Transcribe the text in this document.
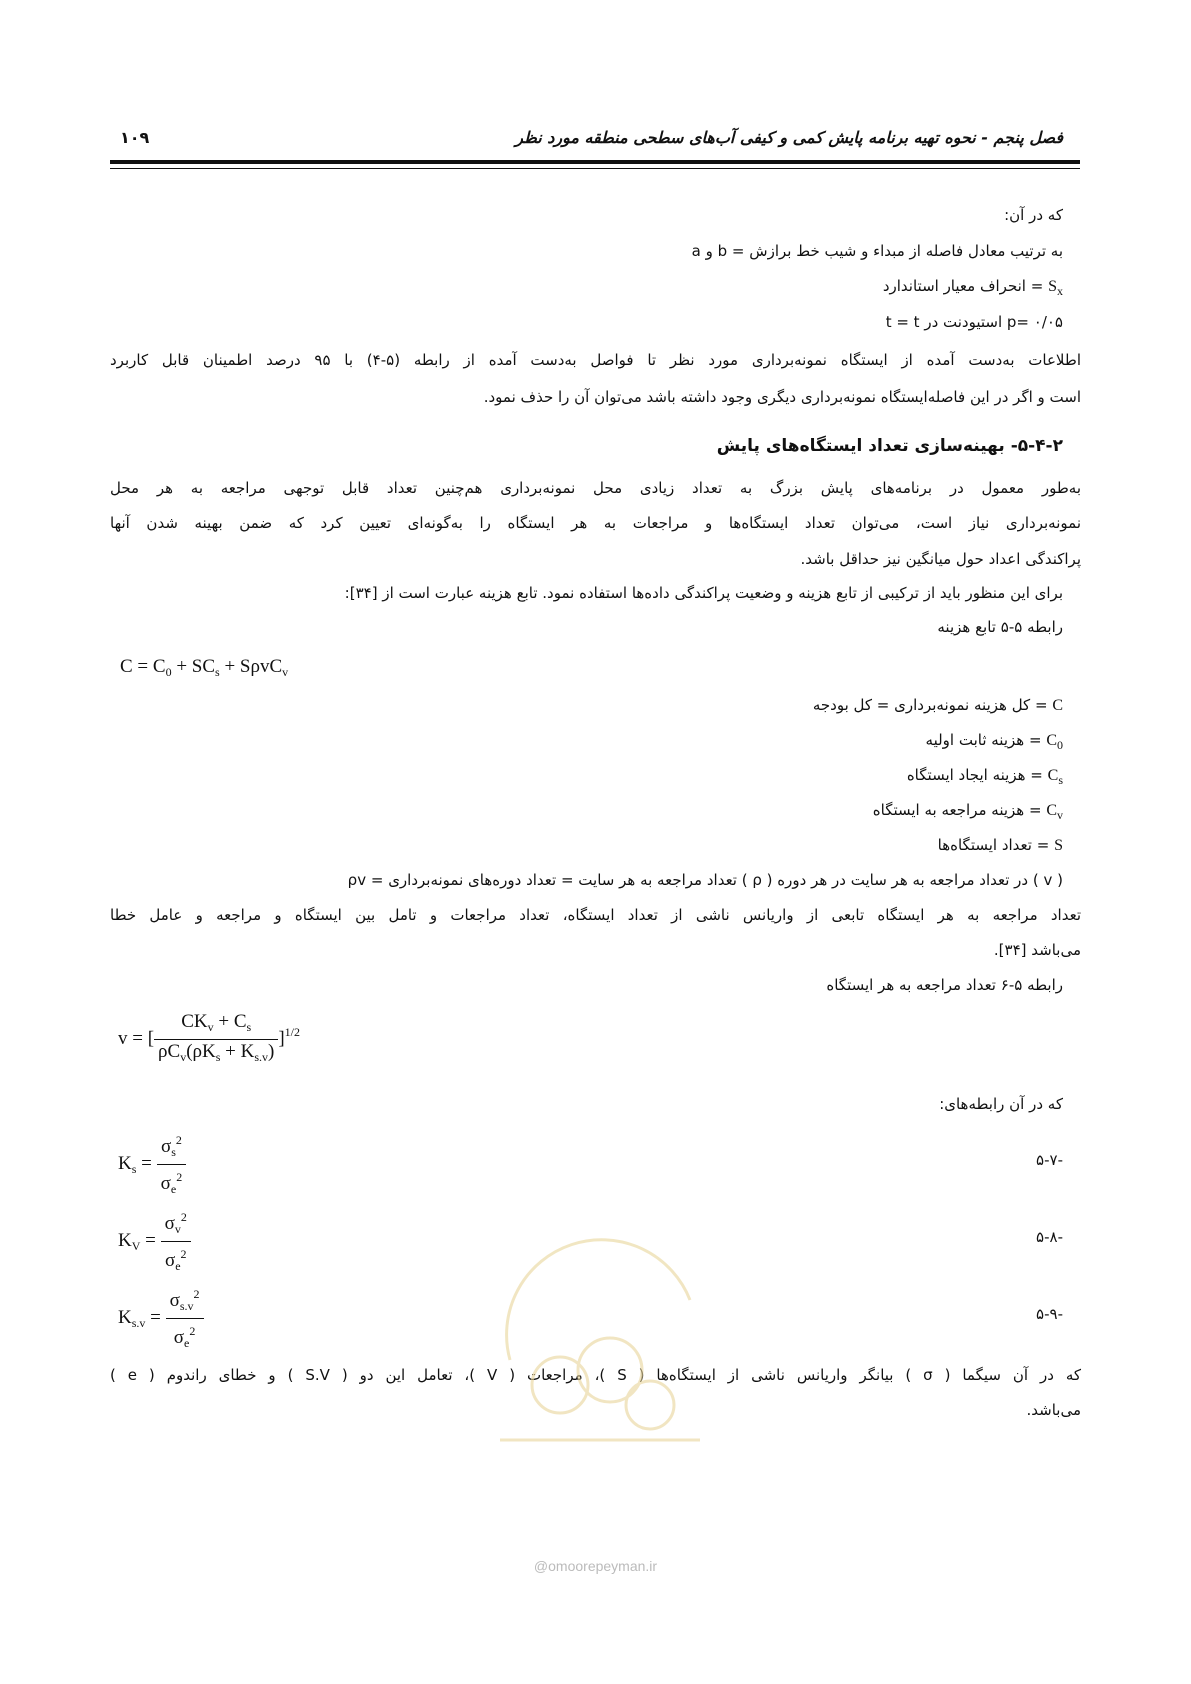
فصل پنجم - نحوه تهیه برنامه پایش کمی و کیفی آب‌های سطحی منطقه مورد نظر
۱۰۹
که در آن:
a و b = به ترتیب معادل فاصله از مبداء و شیب خط برازش
= انحراف معیار استاندارد $S_x$
t = t استیودنت در p= ۰/۰۵
اطلاعات به‌دست آمده از ایستگاه نمونه‌برداری مورد نظر تا فواصل به‌دست آمده از رابطه (۵-۴) با ۹۵ درصد اطمینان قابل کاربرد
است و اگر در این فاصله‌ایستگاه نمونه‌برداری دیگری وجود داشته باشد می‌توان آن را حذف نمود.
۵-۴-۲- بهینه‌سازی تعداد ایستگاه‌های پایش
به‌طور معمول در برنامه‌های پایش بزرگ به تعداد زیادی محل نمونه‌برداری هم‌چنین تعداد قابل توجهی مراجعه به هر محل
نمونه‌برداری نیاز است، می‌توان تعداد ایستگاه‌ها و مراجعات به هر ایستگاه را به‌گونه‌ای تعیین کرد که ضمن بهینه شدن آنها
پراکندگی اعداد حول میانگین نیز حداقل باشد.
برای این منظور باید از ترکیبی از تابع هزینه و وضعیت پراکندگی داده‌ها استفاده نمود. تابع هزینه عبارت است از [۳۴]:
رابطه ۵-۵ تابع هزینه
$C = C_0 + SC_s + S\rho vC_v$
= کل هزینه نمونه‌برداری = کل بودجه C
= هزینه ثابت اولیه $C_0$
= هزینه ایجاد ایستگاه $C_s$
= هزینه مراجعه به ایستگاه $C_v$
= تعداد ایستگاه‌ها S
ρv = تعداد مراجعه به هر سایت = تعداد دوره‌های نمونه‌برداری ( ρ ) در تعداد مراجعه به هر سایت در هر دوره ( v )
تعداد مراجعه به هر ایستگاه تابعی از واریانس ناشی از تعداد ایستگاه، تعداد مراجعات و تامل بین ایستگاه و مراجعه و عامل خطا
می‌باشد [۳۴].
رابطه ۵-۶ تعداد مراجعه به هر ایستگاه
v = [ $\frac{CK_v + C_s}{\rho C_v(\rho K_s + K_{s.v})} ]^{1/2}$
که در آن رابطه‌های:
$K_s = \frac{\sigma_s^2}{\sigma_e^2}$	۵-۷-
$K_V = \frac{\sigma_v^2}{\sigma_e^2}$	۵-۸-
$K_{s.v} = \frac{\sigma_{s.v}^2}{\sigma_e^2}$	۵-۹-
که در آن سیگما ( σ ) بیانگر واریانس ناشی از ایستگاه‌ها ( S )، مراجعات ( V )، تعامل این دو ( S.V ) و خطای راندوم ( e )
می‌باشد.
@omoorepeyman.ir
